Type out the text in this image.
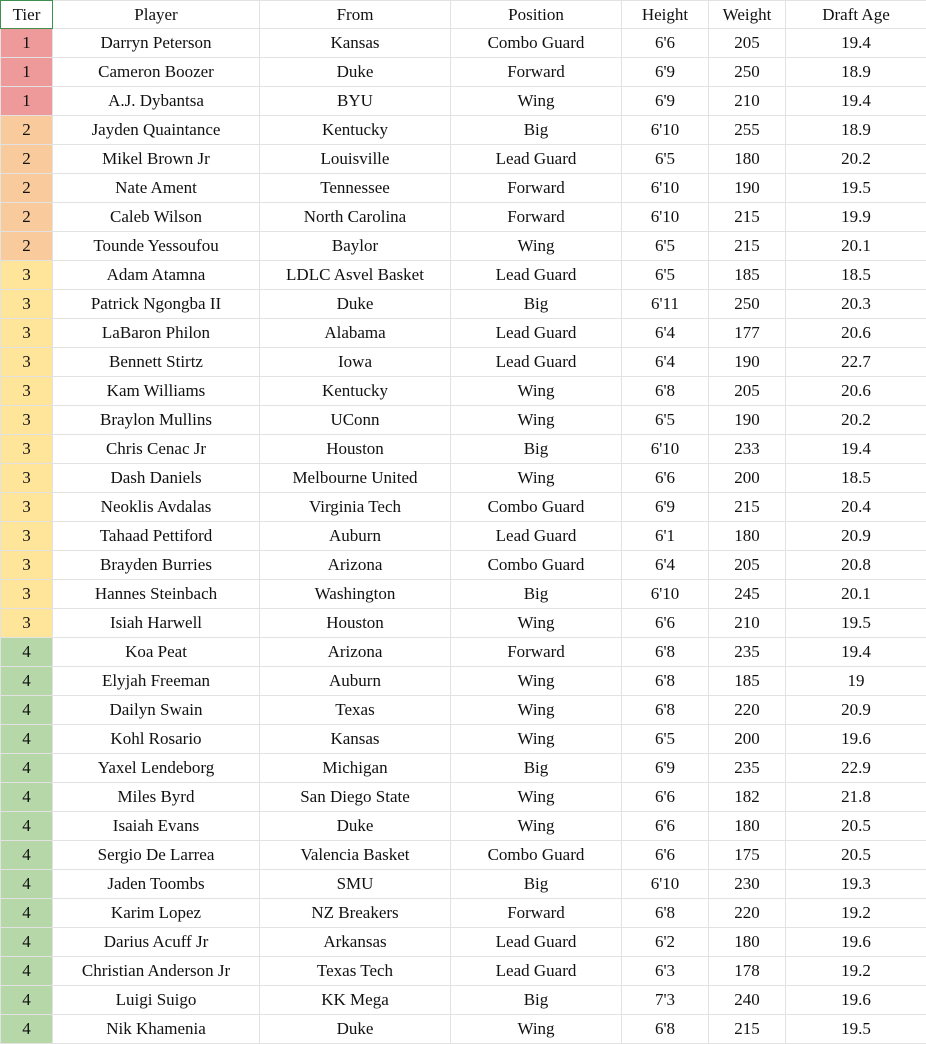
Tier	Player	From	Position	Height	Weight	Draft Age
1	Darryn Peterson	Kansas	Combo Guard	6'6	205	19.4
1	Cameron Boozer	Duke	Forward	6'9	250	18.9
1	A.J. Dybantsa	BYU	Wing	6'9	210	19.4
2	Jayden Quaintance	Kentucky	Big	6'10	255	18.9
2	Mikel Brown Jr	Louisville	Lead Guard	6'5	180	20.2
2	Nate Ament	Tennessee	Forward	6'10	190	19.5
2	Caleb Wilson	North Carolina	Forward	6'10	215	19.9
2	Tounde Yessoufou	Baylor	Wing	6'5	215	20.1
3	Adam Atamna	LDLC Asvel Basket	Lead Guard	6'5	185	18.5
3	Patrick Ngongba II	Duke	Big	6'11	250	20.3
3	LaBaron Philon	Alabama	Lead Guard	6'4	177	20.6
3	Bennett Stirtz	Iowa	Lead Guard	6'4	190	22.7
3	Kam Williams	Kentucky	Wing	6'8	205	20.6
3	Braylon Mullins	UConn	Wing	6'5	190	20.2
3	Chris Cenac Jr	Houston	Big	6'10	233	19.4
3	Dash Daniels	Melbourne United	Wing	6'6	200	18.5
3	Neoklis Avdalas	Virginia Tech	Combo Guard	6'9	215	20.4
3	Tahaad Pettiford	Auburn	Lead Guard	6'1	180	20.9
3	Brayden Burries	Arizona	Combo Guard	6'4	205	20.8
3	Hannes Steinbach	Washington	Big	6'10	245	20.1
3	Isiah Harwell	Houston	Wing	6'6	210	19.5
4	Koa Peat	Arizona	Forward	6'8	235	19.4
4	Elyjah Freeman	Auburn	Wing	6'8	185	19
4	Dailyn Swain	Texas	Wing	6'8	220	20.9
4	Kohl Rosario	Kansas	Wing	6'5	200	19.6
4	Yaxel Lendeborg	Michigan	Big	6'9	235	22.9
4	Miles Byrd	San Diego State	Wing	6'6	182	21.8
4	Isaiah Evans	Duke	Wing	6'6	180	20.5
4	Sergio De Larrea	Valencia Basket	Combo Guard	6'6	175	20.5
4	Jaden Toombs	SMU	Big	6'10	230	19.3
4	Karim Lopez	NZ Breakers	Forward	6'8	220	19.2
4	Darius Acuff Jr	Arkansas	Lead Guard	6'2	180	19.6
4	Christian Anderson Jr	Texas Tech	Lead Guard	6'3	178	19.2
4	Luigi Suigo	KK Mega	Big	7'3	240	19.6
4	Nik Khamenia	Duke	Wing	6'8	215	19.5
